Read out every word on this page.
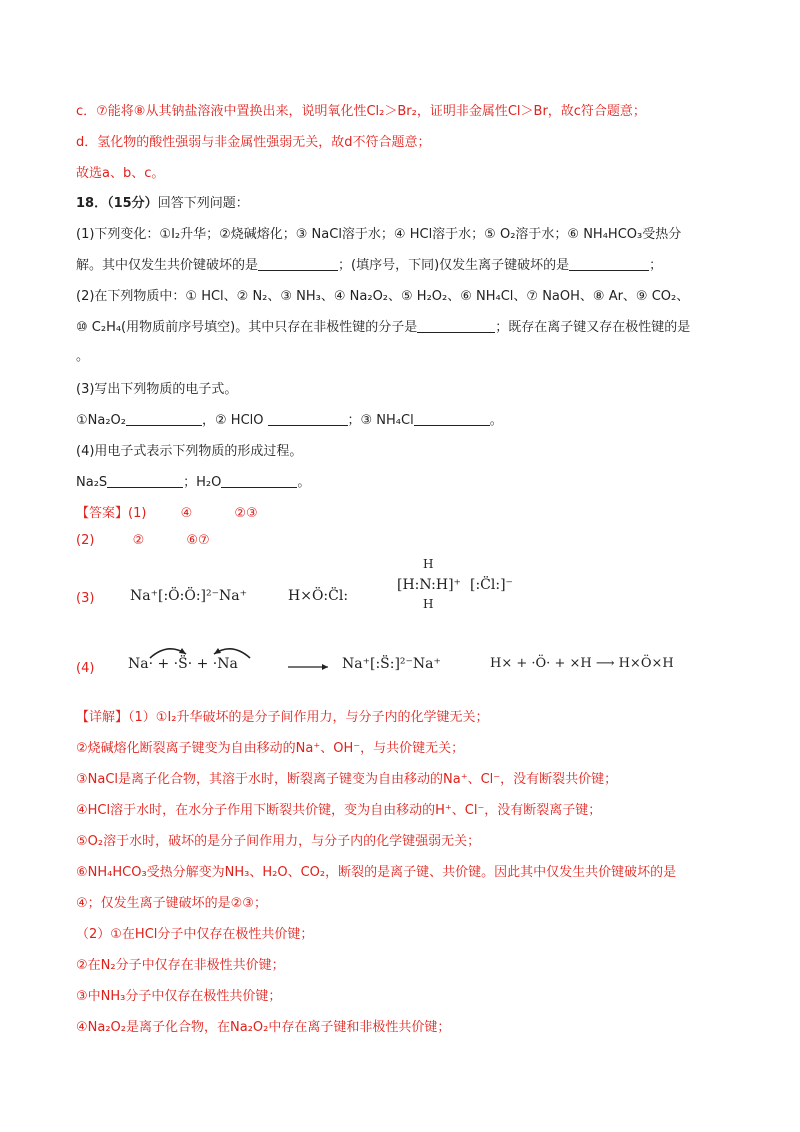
c．⑦能将⑧从其钠盐溶液中置换出来，说明氧化性Cl₂＞Br₂，证明非金属性Cl＞Br，故c符合题意；
d．氢化物的酸性强弱与非金属性强弱无关，故d不符合题意；
故选a、b、c。
18．（15分）回答下列问题：
(1)下列变化：①I₂升华；②烧碱熔化；③ NaCl溶于水；④ HCl溶于水；⑤ O₂溶于水；⑥ NH₄HCO₃受热分
解。其中仅发生共价键破坏的是	；(填序号，下同)仅发生离子键破坏的是	；
(2)在下列物质中：① HCl、② N₂、③ NH₃、④ Na₂O₂、⑤ H₂O₂、⑥ NH₄Cl、⑦ NaOH、⑧ Ar、⑨ CO₂、
⑩ C₂H₄(用物质前序号填空)。其中只存在非极性键的分子是	；既存在离子键又存在极性键的是
。
(3)写出下列物质的电子式。
①Na₂O₂	，② HClO	；③ NH₄Cl	。
(4)用电子式表示下列物质的形成过程。
Na₂S	；H₂O	。
【答案】(1)	④	②③
(2)	②	⑥⑦
(3)	Na⁺[:Ö:Ö:]²⁻Na⁺	H×Ö:C̈l:
H
[H:N:H]⁺
H
[:C̈l:]⁻
(4) Na· + ·S̈· + ·Na	→ Na⁺[:S̈:]²⁻Na⁺	H× + ·Ö· + ×H ⟶ H×Ö×H
【详解】（1）①I₂升华破坏的是分子间作用力，与分子内的化学键无关；
②烧碱熔化断裂离子键变为自由移动的Na⁺、OH⁻，与共价键无关；
③NaCl是离子化合物，其溶于水时，断裂离子键变为自由移动的Na⁺、Cl⁻，没有断裂共价键；
④HCl溶于水时，在水分子作用下断裂共价键，变为自由移动的H⁺、Cl⁻，没有断裂离子键；
⑤O₂溶于水时，破坏的是分子间作用力，与分子内的化学键强弱无关；
⑥NH₄HCO₃受热分解变为NH₃、H₂O、CO₂，断裂的是离子键、共价键。因此其中仅发生共价键破坏的是
④；仅发生离子键破坏的是②③；
（2）①在HCl分子中仅存在极性共价键；
②在N₂分子中仅存在非极性共价键；
③中NH₃分子中仅存在极性共价键；
④Na₂O₂是离子化合物，在Na₂O₂中存在离子键和非极性共价键；
